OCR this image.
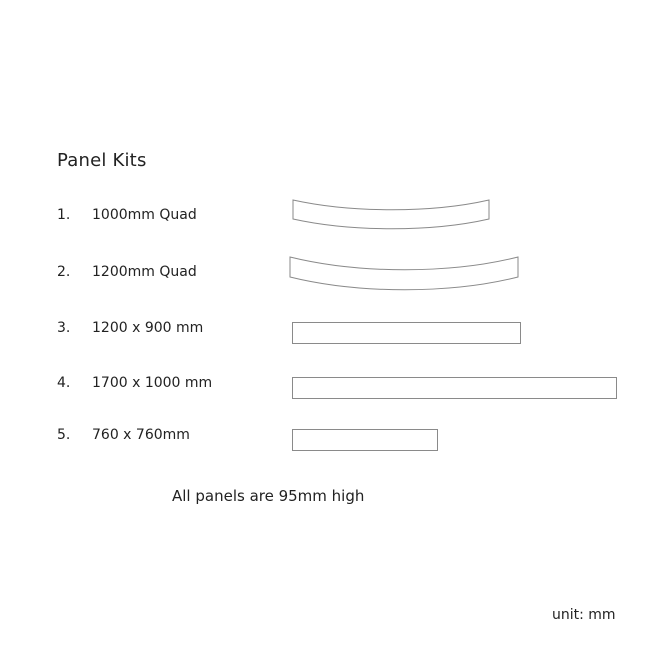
Panel Kits
1.	1000mm Quad
2.	1200mm Quad
3.	1200 x 900 mm
4.	1700 x 1000 mm
5.	760 x 760mm
All panels are 95mm high
unit: mm
